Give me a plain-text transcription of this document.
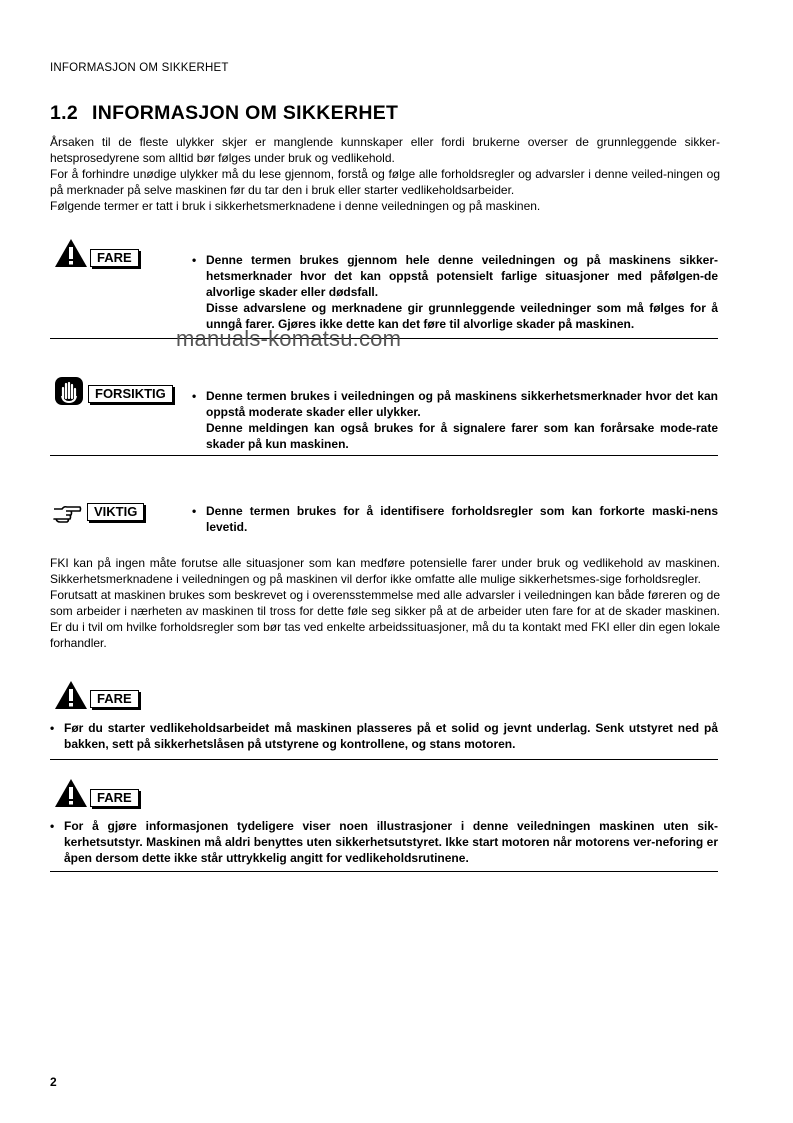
INFORMASJON OM SIKKERHET
1.2 INFORMASJON OM SIKKERHET

Årsaken til de fleste ulykker skjer er manglende kunnskaper eller fordi brukerne overser de grunnleggende sikker-hetsprosedyrene som alltid bør følges under bruk og vedlikehold.

For å forhindre unødige ulykker må du lese gjennom, forstå og følge alle forholdsregler og advarsler i denne veiled-ningen og på merknader på selve maskinen før du tar den i bruk eller starter vedlikeholdsarbeider.

Følgende termer er tatt i bruk i sikkerhetsmerknadene i denne veiledningen og på maskinen.

FARE	• Denne termen brukes gjennom hele denne veiledningen og på maskinens sikker-hetsmerknader hvor det kan oppstå potensielt farlige situasjoner med påfølgen-de alvorlige skader eller dødsfall.
Disse advarslene og merknadene gir grunnleggende veiledninger som må følges for å unngå farer. Gjøres ikke dette kan det føre til alvorlige skader på maskinen.
manuals-komatsu.com
FORSIKTIG	• Denne termen brukes i veiledningen og på maskinens sikkerhetsmerknader hvor det kan oppstå moderate skader eller ulykker.
Denne meldingen kan også brukes for å signalere farer som kan forårsake mode-rate skader på kun maskinen.
VIKTIG	• Denne termen brukes for å identifisere forholdsregler som kan forkorte maski-nens levetid.

FKI kan på ingen måte forutse alle situasjoner som kan medføre potensielle farer under bruk og vedlikehold av maskinen. Sikkerhetsmerknadene i veiledningen og på maskinen vil derfor ikke omfatte alle mulige sikkerhetsmes-sige forholdsregler.

Forutsatt at maskinen brukes som beskrevet og i overensstemmelse med alle advarsler i veiledningen kan både føreren og de som arbeider i nærheten av maskinen til tross for dette føle seg sikker på at de arbeider uten fare for at de skader maskinen. Er du i tvil om hvilke forholdsregler som bør tas ved enkelte arbeidssituasjoner, må du ta kontakt med FKI eller din egen lokale forhandler.

FARE
• Før du starter vedlikeholdsarbeidet må maskinen plasseres på et solid og jevnt underlag. Senk utstyret ned på bakken, sett på sikkerhetslåsen på utstyrene og kontrollene, og stans motoren.
FARE
• For å gjøre informasjonen tydeligere viser noen illustrasjoner i denne veiledningen maskinen uten sik-kerhetsutstyr. Maskinen må aldri benyttes uten sikkerhetsutstyret. Ikke start motoren når motorens ver-neforing er åpen dersom dette ikke står uttrykkelig angitt for vedlikeholdsrutinene.
2
